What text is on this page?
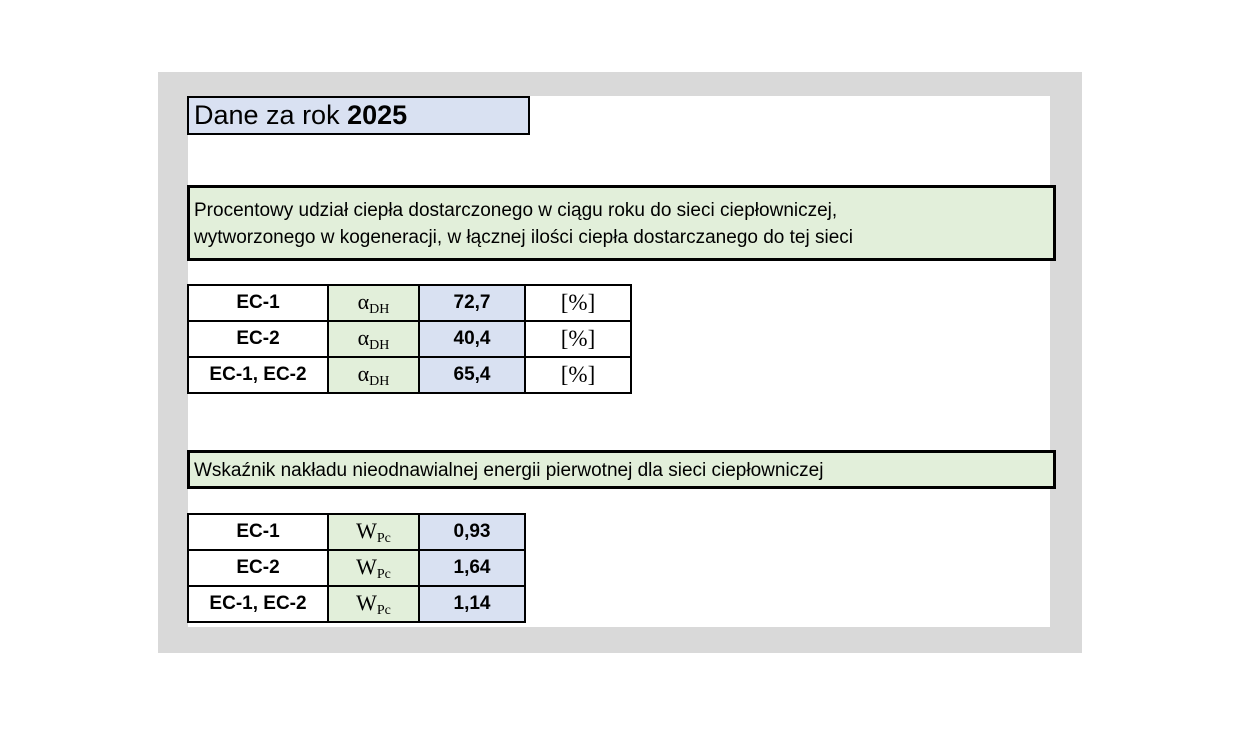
Dane za rok 2025
Procentowy udział ciepła dostarczonego w ciągu roku do sieci ciepłowniczej,
wytworzonego w kogeneracji, w łącznej ilości ciepła dostarczanego do tej sieci
EC-1	$\alpha_{DH}$	72,7	[%]
EC-2	$\alpha_{DH}$	40,4	[%]
EC-1, EC-2	$\alpha_{DH}$	65,4	[%]
Wskaźnik nakładu nieodnawialnej energii pierwotnej dla sieci ciepłowniczej
EC-1	$W_{Pc}$	0,93
EC-2	$W_{Pc}$	1,64
EC-1, EC-2	$W_{Pc}$	1,14
